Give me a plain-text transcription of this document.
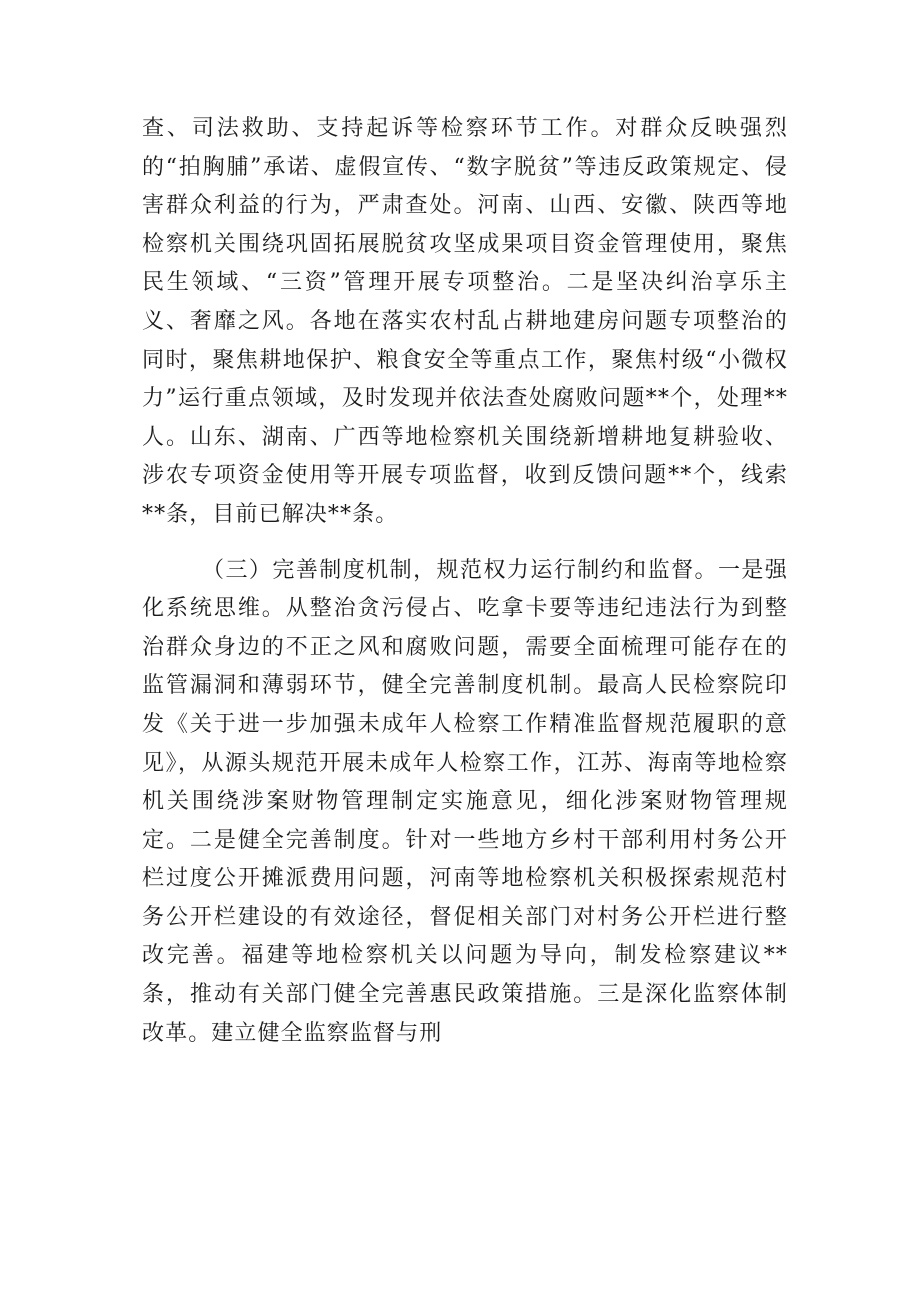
查、司法救助、支持起诉等检察环节工作。对群众反映强烈的“拍胸脯”承诺、虚假宣传、“数字脱贫”等违反政策规定、侵害群众利益的行为，严肃查处。河南、山西、安徽、陕西等地检察机关围绕巩固拓展脱贫攻坚成果项目资金管理使用，聚焦民生领域、“三资”管理开展专项整治。二是坚决纠治享乐主义、奢靡之风。各地在落实农村乱占耕地建房问题专项整治的同时，聚焦耕地保护、粮食安全等重点工作，聚焦村级“小微权力”运行重点领域，及时发现并依法查处腐败问题**个，处理**人。山东、湖南、广西等地检察机关围绕新增耕地复耕验收、涉农专项资金使用等开展专项监督，收到反馈问题**个，线索**条，目前已解决**条。

（三）完善制度机制，规范权力运行制约和监督。一是强化系统思维。从整治贪污侵占、吃拿卡要等违纪违法行为到整治群众身边的不正之风和腐败问题，需要全面梳理可能存在的监管漏洞和薄弱环节，健全完善制度机制。最高人民检察院印发《关于进一步加强未成年人检察工作精准监督规范履职的意见》，从源头规范开展未成年人检察工作，江苏、海南等地检察机关围绕涉案财物管理制定实施意见，细化涉案财物管理规定。二是健全完善制度。针对一些地方乡村干部利用村务公开栏过度公开摊派费用问题，河南等地检察机关积极探索规范村务公开栏建设的有效途径，督促相关部门对村务公开栏进行整改完善。福建等地检察机关以问题为导向，制发检察建议**条，推动有关部门健全完善惠民政策措施。三是深化监察体制改革。建立健全监察监督与刑
